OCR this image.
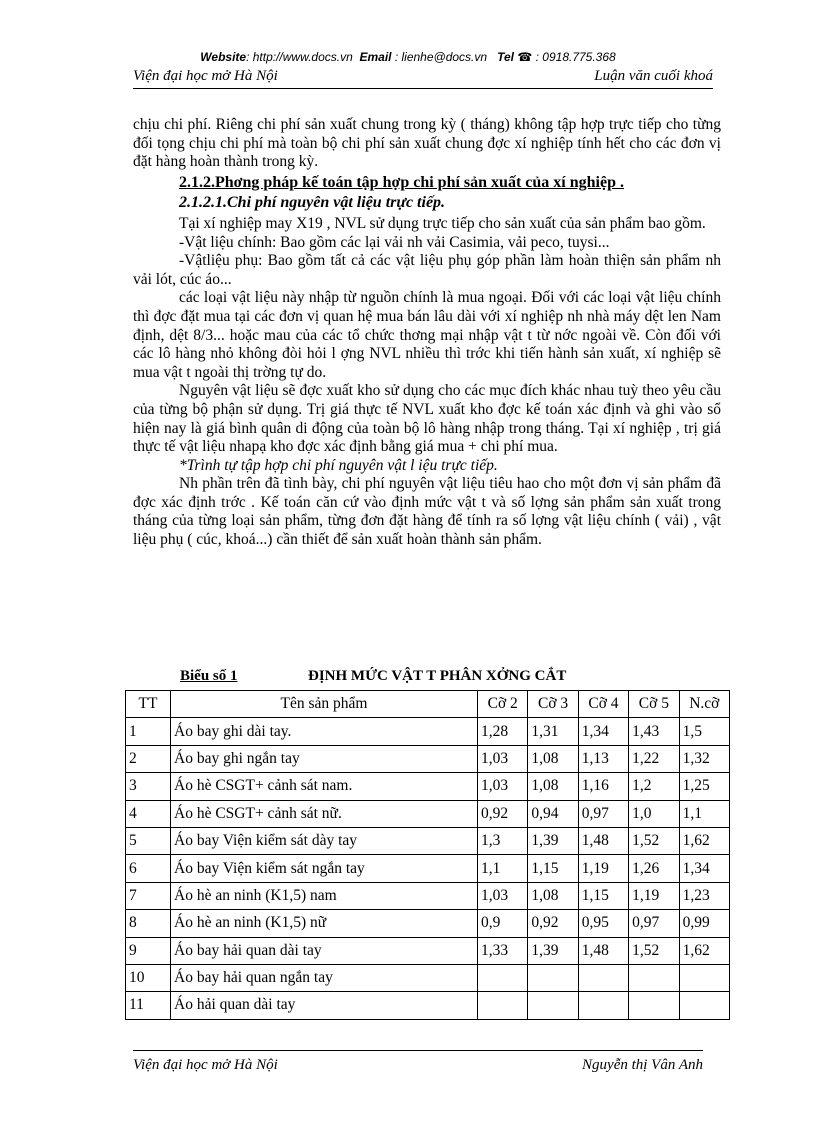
Website: http://www.docs.vn Email : lienhe@docs.vn Tel ☎ : 0918.775.368
Viện đại học mở Hà Nội	Luận văn cuối khoá

chịu chi phí. Riêng chi phí sản xuất chung trong kỳ ( tháng) không tập hợp trực tiếp cho từng đối tọng chịu chi phí mà toàn bộ chi phí sản xuất chung đợc xí nghiệp tính hết cho các đơn vị đặt hàng hoàn thành trong kỳ.

2.1.2.Phơng pháp kế toán tập hợp chi phí sản xuất của xí nghiệp .

2.1.2.1.Chi phí nguyên vật liệu trực tiếp.

Tại xí nghiệp may X19 , NVL sử dụng trực tiếp cho sản xuất của sản phẩm bao gồm.

-Vật liệu chính: Bao gồm các lại vải nh vải Casimia, vải peco, tuysi...

-Vậtliệu phụ: Bao gồm tất cả các vật liệu phụ góp phần làm hoàn thiện sản phẩm nh vải lót, cúc áo...

các loại vật liệu này nhập từ nguồn chính là mua ngoại. Đối với các loại vật liệu chính thì đợc đặt mua tại các đơn vị quan hệ mua bán lâu dài với xí nghiệp nh nhà máy dệt len Nam định, dệt 8/3... hoặc mau của các tổ chức thơng mại nhập vật t từ nớc ngoài về. Còn đối với các lô hàng nhỏ không đòi hỏi l ợng NVL nhiều thì trớc khi tiến hành sản xuất, xí nghiệp sẽ mua vật t ngoài thị trờng tự do.

Nguyên vật liệu sẽ đợc xuất kho sử dụng cho các mục đích khác nhau tuỳ theo yêu cầu của từng bộ phận sử dụng. Trị giá thực tế NVL xuất kho đợc kế toán xác định và ghi vào sổ hiện nay là giá bình quân di động của toàn bộ lô hàng nhập trong tháng. Tại xí nghiệp , trị giá thực tế vật liệu nhapạ kho đợc xác định bằng giá mua + chi phí mua.

*Trình tự tập hợp chi phí nguyên vật l iệu trực tiếp.

Nh phần trên đã tình bày, chi phí nguyên vật liệu tiêu hao cho một đơn vị sản phẩm đã đợc xác định trớc . Kế toán căn cứ vào định mức vật t và số lợng sản phẩm sản xuất trong tháng của từng loại sản phẩm, từng đơn đặt hàng để tính ra số lợng vật liệu chính ( vải) , vật liệu phụ ( cúc, khoá...) cần thiết để sản xuất hoàn thành sản phẩm.

Biểu số 1	ĐỊNH MỨC VẬT T PHÂN XỞNG CẮT
TT	Tên sản phẩm	Cỡ 2	Cỡ 3	Cỡ 4	Cỡ 5	N.cỡ
1	Áo bay ghi dài tay.	1,28	1,31	1,34	1,43	1,5
2	Áo bay ghi ngắn tay	1,03	1,08	1,13	1,22	1,32
3	Áo hè CSGT+ cảnh sát nam.	1,03	1,08	1,16	1,2	1,25
4	Áo hè CSGT+ cảnh sát nữ.	0,92	0,94	0,97	1,0	1,1
5	Áo bay Viện kiểm sát dày tay	1,3	1,39	1,48	1,52	1,62
6	Áo bay Viện kiểm sát ngắn tay	1,1	1,15	1,19	1,26	1,34
7	Áo hè an ninh (K1,5) nam	1,03	1,08	1,15	1,19	1,23
8	Áo hè an ninh (K1,5) nữ	0,9	0,92	0,95	0,97	0,99
9	Áo bay hải quan dài tay	1,33	1,39	1,48	1,52	1,62
10	Áo bay hải quan ngắn tay					
11	Áo hải quan dài tay					
Viện đại học mở Hà Nội	Nguyễn thị Vân Anh
